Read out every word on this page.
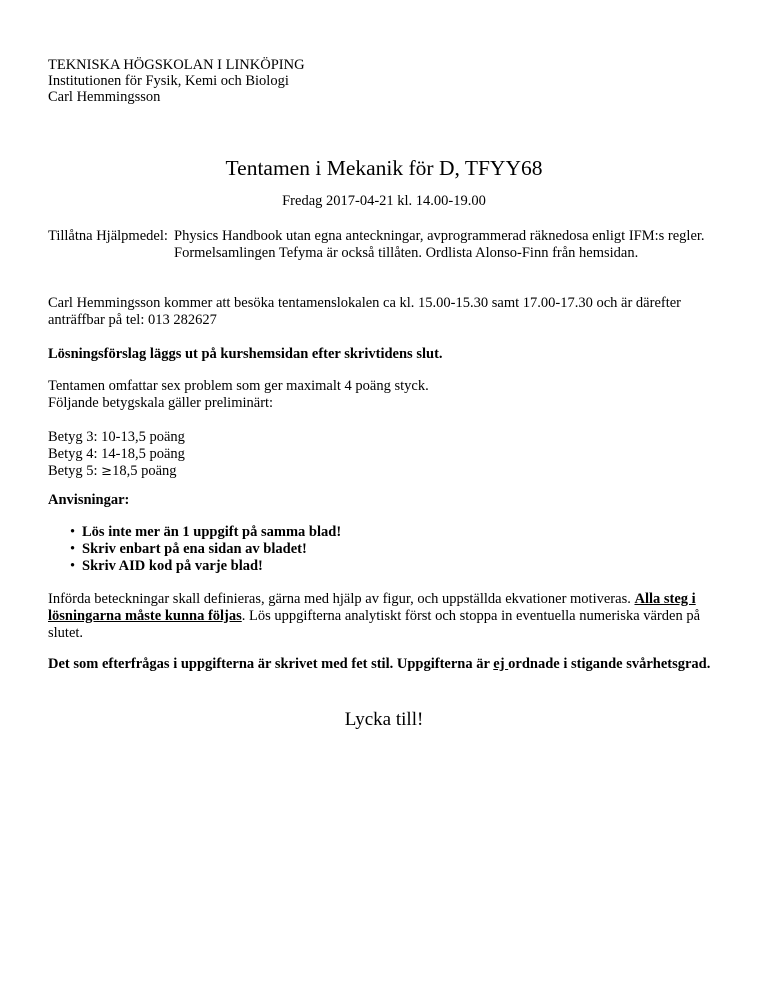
TEKNISKA HÖGSKOLAN I LINKÖPING
Institutionen för Fysik, Kemi och Biologi
Carl Hemmingsson
Tentamen i Mekanik för D, TFYY68
Fredag 2017-04-21 kl. 14.00-19.00
Tillåtna Hjälpmedel: Physics Handbook utan egna anteckningar, avprogrammerad räknedosa enligt IFM:s regler. Formelsamlingen Tefyma är också tillåten. Ordlista Alonso-Finn från hemsidan.
Carl Hemmingsson kommer att besöka tentamenslokalen ca kl. 15.00-15.30 samt 17.00-17.30 och är därefter anträffbar på tel: 013 282627
Lösningsförslag läggs ut på kurshemsidan efter skrivtidens slut.
Tentamen omfattar sex problem som ger maximalt 4 poäng styck.
Följande betygskala gäller preliminärt:
Betyg 3: 10-13,5 poäng
Betyg 4: 14-18,5 poäng
Betyg 5: ≥18,5 poäng
Anvisningar:
• Lös inte mer än 1 uppgift på samma blad!
• Skriv enbart på ena sidan av bladet!
• Skriv AID kod på varje blad!
Införda beteckningar skall definieras, gärna med hjälp av figur, och uppställda ekvationer motiveras. Alla steg i lösningarna måste kunna följas. Lös uppgifterna analytiskt först och stoppa in eventuella numeriska värden på slutet.
Det som efterfrågas i uppgifterna är skrivet med fet stil. Uppgifterna är ej ordnade i stigande svårhetsgrad.
Lycka till!
